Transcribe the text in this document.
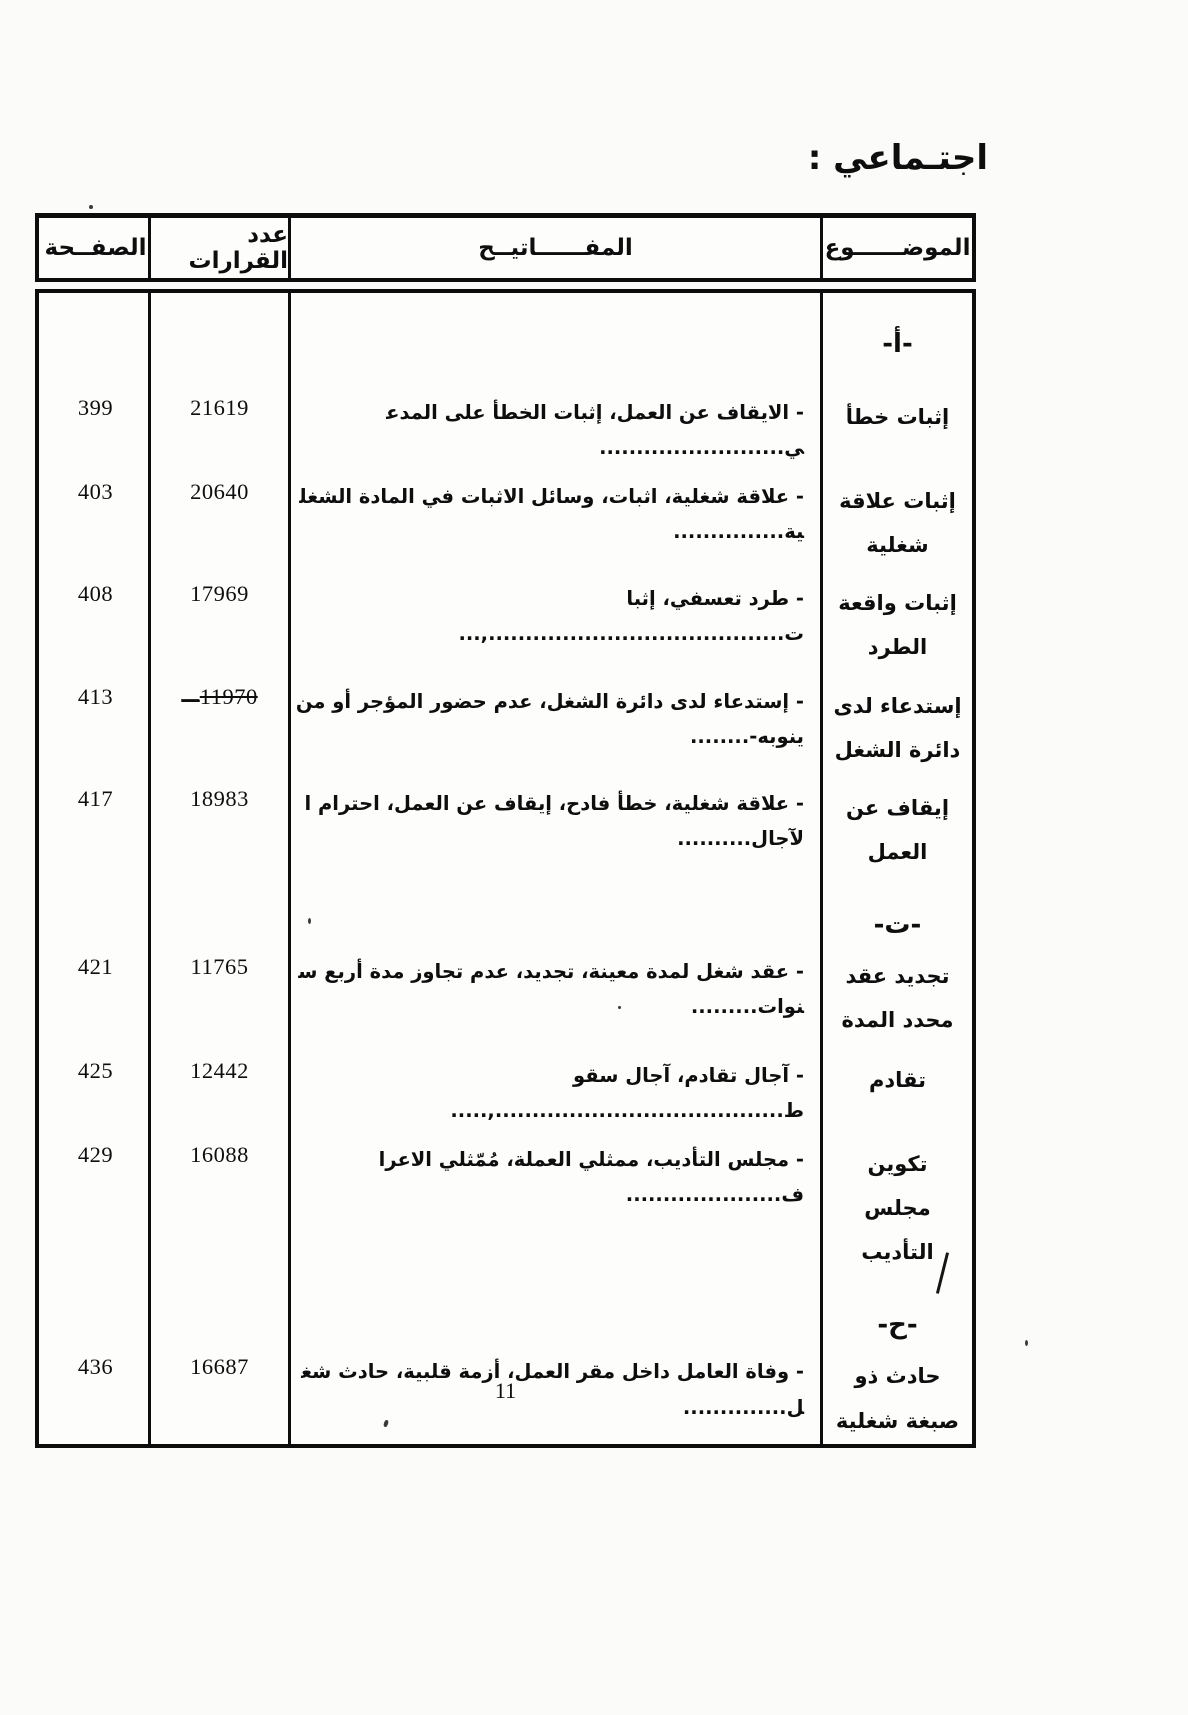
اجتـماعي :
الموضــــــوع
المفــــــاتيــح
عدد القرارات
الصفــحة
-أ-
إثبات خطأ
- الايقاف عن العمل، إثبات الخطأ على المدعي.........................
21619
399
إثبات علاقة شغلية
- علاقة شغلية، اثبات، وسائل الاثبات في المادة الشغلية...............
20640
403
إثبات واقعة الطرد
- طرد تعسفي، إثبات........................................,...
17969
408
إستدعاء لدى دائرة الشغل
- إستدعاء لدى دائرة الشغل، عدم حضور المؤجر أو من ينوبه-........
11970 —
413
إيقاف عن العمل
- علاقة شغلية، خطأ فادح، إيقاف عن العمل، احترام الآجال..........
18983
417
-ت-
تجديد عقد محدد المدة
- عقد شغل لمدة معينة، تجديد، عدم تجاوز مدة أربع سنوات.........
11765
421
تقادم
- آجال تقادم، آجال سقوط.......................................,.....
12442
425
تكوين مجلس التأديب
- مجلس التأديب، ممثلي العملة، مُمّثلي الاعراف.....................
16088
429
-ح-
حادث ذو صبغة شغلية
- وفاة العامل داخل مقر العمل، أزمة قلبية، حادث شغل..............
16687
436
11
